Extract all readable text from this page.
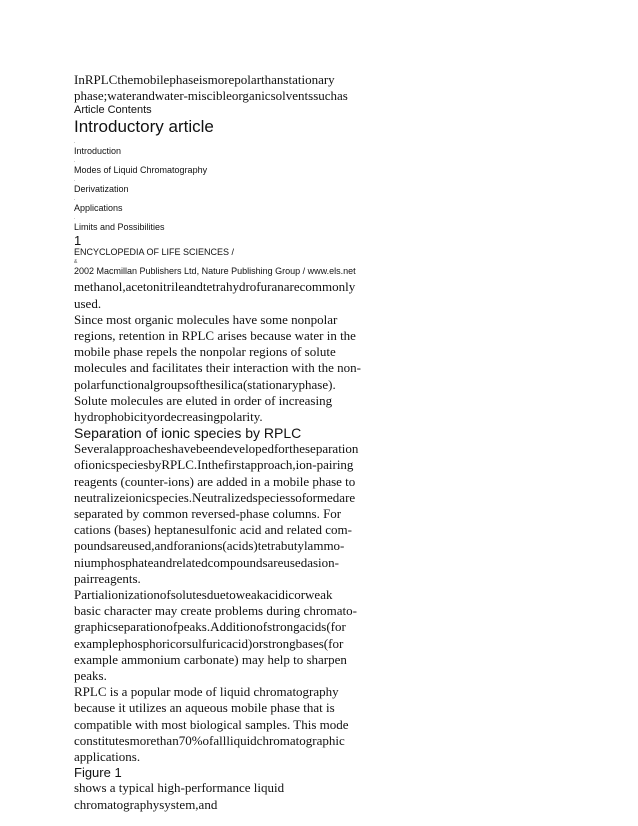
InRPLCthemobilephaseismorepolarthanstationary
phase;waterandwater-miscibleorganicsolventssuchas
Article Contents
Introductory article
.
Introduction
.
Modes of Liquid Chromatography
.
Derivatization
.
Applications
.
Limits and Possibilities
1
ENCYCLOPEDIA OF LIFE SCIENCES /
&
2002 Macmillan Publishers Ltd, Nature Publishing Group / www.els.net
methanol,acetonitrileandtetrahydrofuranarecommonly
used.
Since most organic molecules have some nonpolar
regions, retention in RPLC arises because water in the
mobile phase repels the nonpolar regions of solute
molecules and facilitates their interaction with the non-
polarfunctionalgroupsofthesilica(stationaryphase).
Solute molecules are eluted in order of increasing
hydrophobicityordecreasingpolarity.
Separation of ionic species by RPLC
Severalapproacheshavebeendevelopedfortheseparation
ofionicspeciesbyRPLC.Inthefirstapproach,ion-pairing
reagents (counter-ions) are added in a mobile phase to
neutralizeionicspecies.Neutralizedspeciessoformedare
separated by common reversed-phase columns. For
cations (bases) heptanesulfonic acid and related com-
poundsareused,andforanions(acids)tetrabutylammo-
niumphosphateandrelatedcompoundsareusedasion-
pairreagents.
Partialionizationofsolutesduetoweakacidicorweak
basic character may create problems during chromato-
graphicseparationofpeaks.Additionofstrongacids(for
examplephosphoricorsulfuricacid)orstrongbases(for
example ammonium carbonate) may help to sharpen
peaks.
RPLC is a popular mode of liquid chromatography
because it utilizes an aqueous mobile phase that is
compatible with most biological samples. This mode
constitutesmorethan70%ofallliquidchromatographic
applications.
Figure 1
shows a typical high-performance liquid
chromatographysystem,and
